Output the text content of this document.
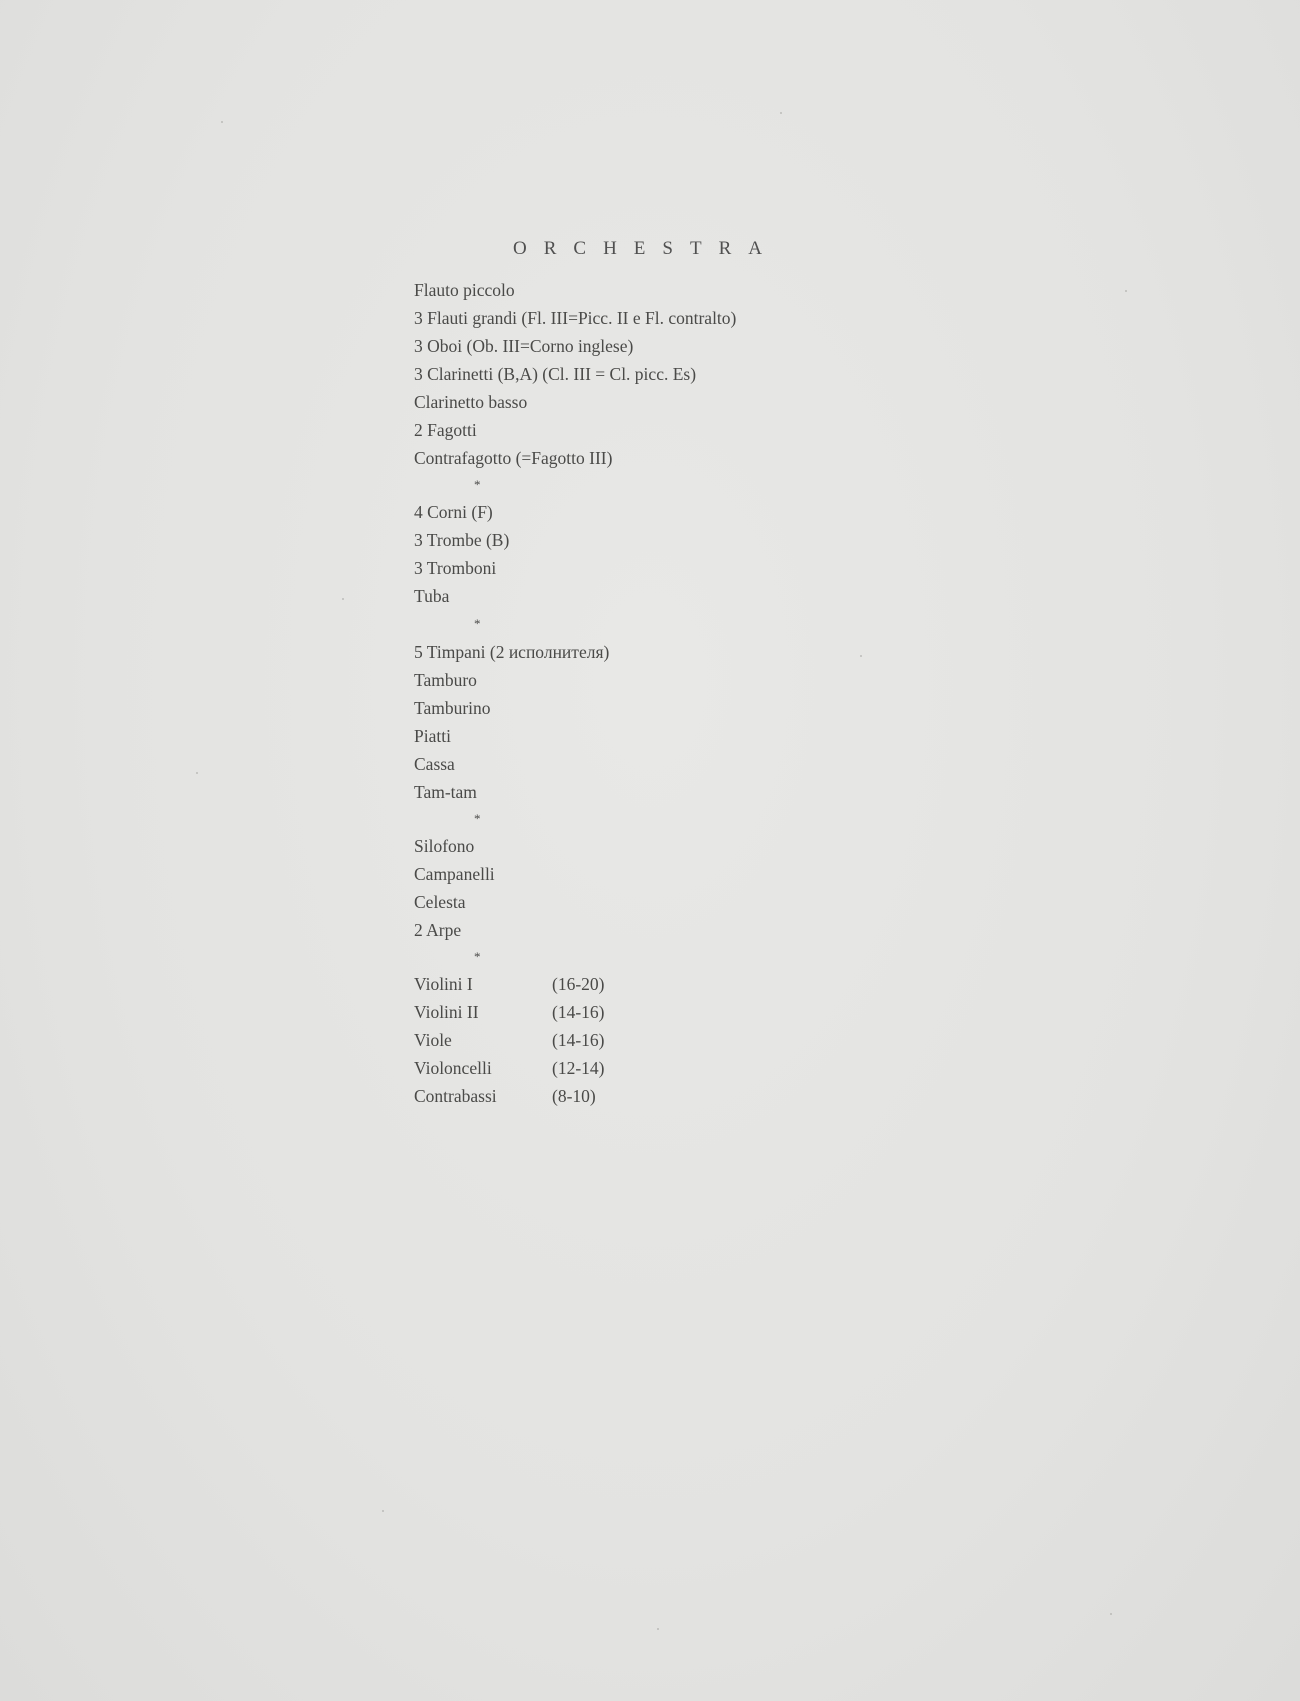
ORCHESTRA
Flauto piccolo
3 Flauti grandi (Fl. III=Picc. II e Fl. contralto)
3 Oboi (Ob. III=Corno inglese)
3 Clarinetti (B,A) (Cl. III = Cl. picc. Es)
Clarinetto basso
2 Fagotti
Contrafagotto (=Fagotto III)
*
4 Corni (F)
3 Trombe (B)
3 Tromboni
Tuba
*
5 Timpani (2 исполнителя)
Tamburo
Tamburino
Piatti
Cassa
Tam-tam
*
Silofono
Campanelli
Celesta
2 Arpe
*
Violini I	(16-20)
Violini II	(14-16)
Viole	(14-16)
Violoncelli	(12-14)
Contrabassi	(8-10)
